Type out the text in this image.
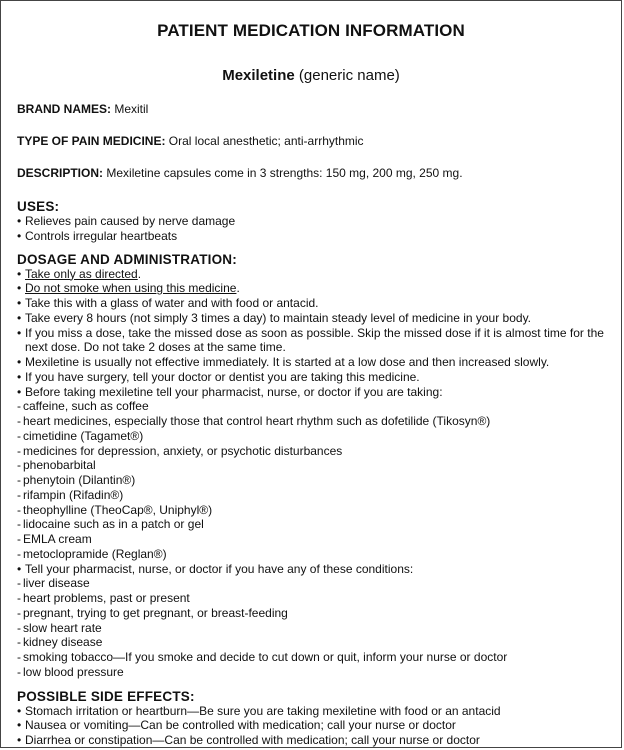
PATIENT MEDICATION INFORMATION
Mexiletine (generic name)
BRAND NAMES: Mexitil
TYPE OF PAIN MEDICINE: Oral local anesthetic; anti-arrhythmic
DESCRIPTION: Mexiletine capsules come in 3 strengths: 150 mg, 200 mg, 250 mg.
USES:
• Relieves pain caused by nerve damage
• Controls irregular heartbeats
DOSAGE AND ADMINISTRATION:
• Take only as directed.
• Do not smoke when using this medicine.
• Take this with a glass of water and with food or antacid.
• Take every 8 hours (not simply 3 times a day) to maintain steady level of medicine in your body.
• If you miss a dose, take the missed dose as soon as possible. Skip the missed dose if it is almost time for the next dose. Do not take 2 doses at the same time.
• Mexiletine is usually not effective immediately. It is started at a low dose and then increased slowly.
• If you have surgery, tell your doctor or dentist you are taking this medicine.
• Before taking mexiletine tell your pharmacist, nurse, or doctor if you are taking:
- caffeine, such as coffee
- heart medicines, especially those that control heart rhythm such as dofetilide (Tikosyn®)
- cimetidine (Tagamet®)
- medicines for depression, anxiety, or psychotic disturbances
- phenobarbital
- phenytoin (Dilantin®)
- rifampin (Rifadin®)
- theophylline (TheoCap®, Uniphyl®)
- lidocaine such as in a patch or gel
- EMLA cream
- metoclopramide (Reglan®)
• Tell your pharmacist, nurse, or doctor if you have any of these conditions:
- liver disease
- heart problems, past or present
- pregnant, trying to get pregnant, or breast-feeding
- slow heart rate
- kidney disease
- smoking tobacco—If you smoke and decide to cut down or quit, inform your nurse or doctor
- low blood pressure
POSSIBLE SIDE EFFECTS:
• Stomach irritation or heartburn—Be sure you are taking mexiletine with food or an antacid
• Nausea or vomiting—Can be controlled with medication; call your nurse or doctor
• Diarrhea or constipation—Can be controlled with medication; call your nurse or doctor
